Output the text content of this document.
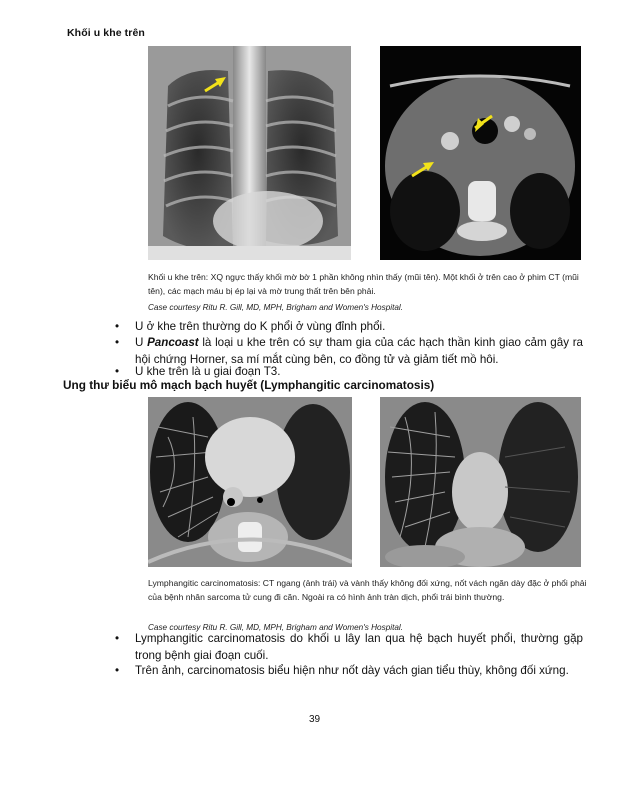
Khối u khe trên
Khối u khe trên: XQ ngực thấy khối mờ bờ 1 phần không nhìn thấy (mũi tên). Một khối ở trên cao ở phim CT (mũi tên), các mạch máu bị ép lại và mờ trung thất trên bên phải.
Case courtesy Ritu R. Gill, MD, MPH, Brigham and Women's Hospital.
• U ở khe trên thường do K phổi ở vùng đỉnh phổi.
• U Pancoast là loại u khe trên có sự tham gia của các hạch thần kinh giao cảm gây ra hội chứng Horner, sa mí mắt cùng bên, co đồng tử và giảm tiết mồ hôi.
• U khe trên là u giai đoạn T3.
Ung thư biểu mô mạch bạch huyết (Lymphangitic carcinomatosis)
Lymphangitic carcinomatosis: CT ngang (ảnh trái) và vành thấy không đối xứng, nốt vách ngăn dày đặc ở phổi phải của bệnh nhân sarcoma tử cung đi căn. Ngoài ra có hình ảnh tràn dịch, phổi trái bình thường.
Case courtesy Ritu R. Gill, MD, MPH, Brigham and Women's Hospital.
• Lymphangitic carcinomatosis do khối u lây lan qua hệ bạch huyết phổi, thường gặp trong bệnh giai đoạn cuối.
• Trên ảnh, carcinomatosis biểu hiện như nốt dày vách gian tiểu thùy, không đối xứng.
39
